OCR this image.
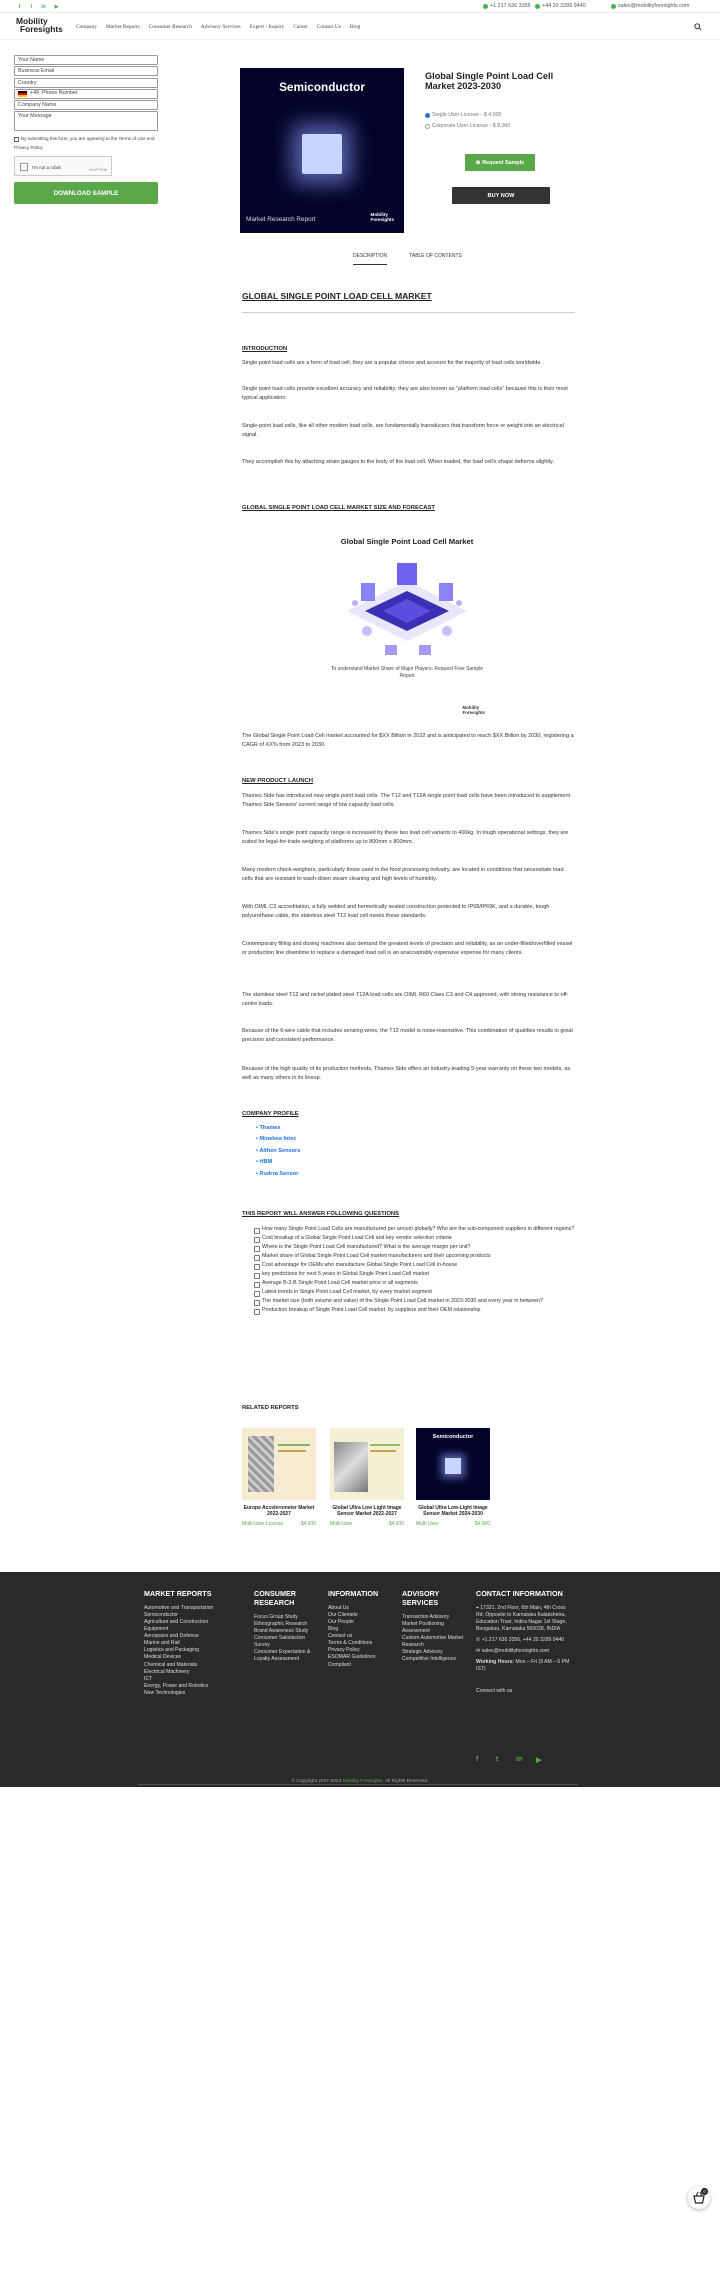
f	t	in	▶	+1 217 636 3356 +44 20 3289 9440	sales@mobilityforesights.com
Mobility
Foresights Company Market Reports Consumer Research Advisory Services Expert - Inquiry Career Contact Us Blog
Your Name
Business Email
Country
+49 Phone Number
Company Name
Your Message
By submitting this form, you are agreeing to the Terms of Use and Privacy Policy.
I'm not a robot	reCAPTCHA
DOWNLOAD SAMPLE
Semiconductor
Market Research Report
Mobility
Foresights
Global Single Point Load Cell Market 2023-2030
Single User License - $ 4,000
Corporate User License - $ 8,000
⊕ Request Sample
BUY NOW
DESCRIPTION	TABLE OF CONTENTS
GLOBAL SINGLE POINT LOAD CELL MARKET
INTRODUCTION
Single point load cells are a form of load cell; they are a popular choice and account for the majority of load cells worldwide.
Single point load cells provide excellent accuracy and reliability; they are also known as "platform load cells" because this is their most typical application.
Single-point load cells, like all other modern load cells, are fundamentally transducers that transform force or weight into an electrical signal.
They accomplish this by attaching strain gauges to the body of the load cell. When loaded, the load cell's shape deforms slightly.
GLOBAL SINGLE POINT LOAD CELL MARKET SIZE AND FORECAST
Global Single Point Load Cell Market
To understand Market Share of Major Players: Request Free Sample Report
Mobility
Foresights
The Global Single Point Load Cell market accounted for $XX Billion in 2022 and is anticipated to reach $XX Billion by 2030, registering a CAGR of XX% from 2023 to 2030.
NEW PRODUCT LAUNCH
Thames Side has introduced new single point load cells. The T12 and T12A single point load cells have been introduced to supplement Thames Side Sensors' current range of low capacity load cells.
Thames Side's single point capacity range is increased by these two load cell variants to 400kg. In tough operational settings, they are suited for legal-for-trade weighing of platforms up to 800mm x 800mm.
Many modern check-weighers, particularly those used in the food processing industry, are located in conditions that necessitate load cells that are resistant to wash-down steam cleaning and high levels of humidity.
With OIML C3 accreditation, a fully welded and hermetically sealed construction protected to IP68/IP69K, and a durable, tough polyurethane cable, the stainless steel T12 load cell meets these standards.
Contemporary filling and dosing machines also demand the greatest levels of precision and reliability, as an under-filled/overfilled vessel or production line downtime to replace a damaged load cell is an unacceptably expensive expense for many clients.
The stainless steel T12 and nickel plated steel T12A load cells are OIML R60 Class C3 and C4 approved, with strong resistance to off-centre loads.
Because of the 6-wire cable that includes sensing wires, the T12 model is noise-insensitive. This combination of qualities results in great precision and consistent performance.
Because of the high quality of its production methods, Thames Side offers an industry-leading 5-year warranty on these two models, as well as many others in its lineup.
COMPANY PROFILE
• Thames
• Minebea Intec
• Althen Sensors
• HBM
• Rudrra Sensor
THIS REPORT WILL ANSWER FOLLOWING QUESTIONS
How many Single Point Load Cells are manufactured per annum globally? Who are the sub-component suppliers in different regions?
Cost breakup of a Global Single Point Load Cell and key vendor selection criteria
Where is the Single Point Load Cell manufactured? What is the average margin per unit?
Market share of Global Single Point Load Cell market manufacturers and their upcoming products
Cost advantage for OEMs who manufacture Global Single Point Load Cell in-house
key predictions for next 5 years in Global Single Point Load Cell market
Average B-2-B Single Point Load Cell market price in all segments
Latest trends in Single Point Load Cell market, by every market segment
The market size (both volume and value) of the Single Point Load Cell market in 2023-2030 and every year in between?
Production breakup of Single Point Load Cell market, by suppliers and their OEM relationship
RELATED REPORTS
Europe Accelerometer Market 2022-2027
Multi User License	$4,000
Global Ultra Low Light Image Sensor Market 2022-2027
Multi User	$4,000
Semiconductor
Global Ultra Low-Light Image Sensor Market 2024-2030
Multi User	$4,000
MARKET REPORTS
Automotive and Transportation
Semiconductor
Agriculture and Construction Equipment
Aerospace and Defense
Marine and Rail
Logistics and Packaging
Medical Devices
Chemical and Materials
Electrical Machinery
ICT
Energy, Power and Robotics
New Technologies
CONSUMER RESEARCH
Focus Group Study
Ethnographic Research
Brand Awareness Study
Consumer Satisfaction Survey
Consumer Expectation & Loyalty Assessment
INFORMATION
About Us
Our Clientele
Our People
Blog
Contact us
Terms & Conditions
Privacy Policy
ESOMAR Guidelines Compliant
ADVISORY SERVICES
Transaction Advisory
Market Positioning Assessment
Custom Automotive Market Research
Strategic Advisory
Competitive Intelligence
CONTACT INFORMATION
⌖ 17321, 2nd Floor, 6th Main, 4th Cross Rd, Opposite to Karnataka Kalakshetra, Education Trust, Indira Nagar 1st Stage, Bengaluru, Karnataka 560038, INDIA
✆ +1 217 636 3356, +44 20 3289 9440
✉ sales@mobilityforesights.com
Working Hours: Mon – Fri (9 AM – 6 PM IST)
Connect with us
f	t	in ▶
© Copyright 2017-2023 Mobility Foresights. All Rights Reserved.
0
